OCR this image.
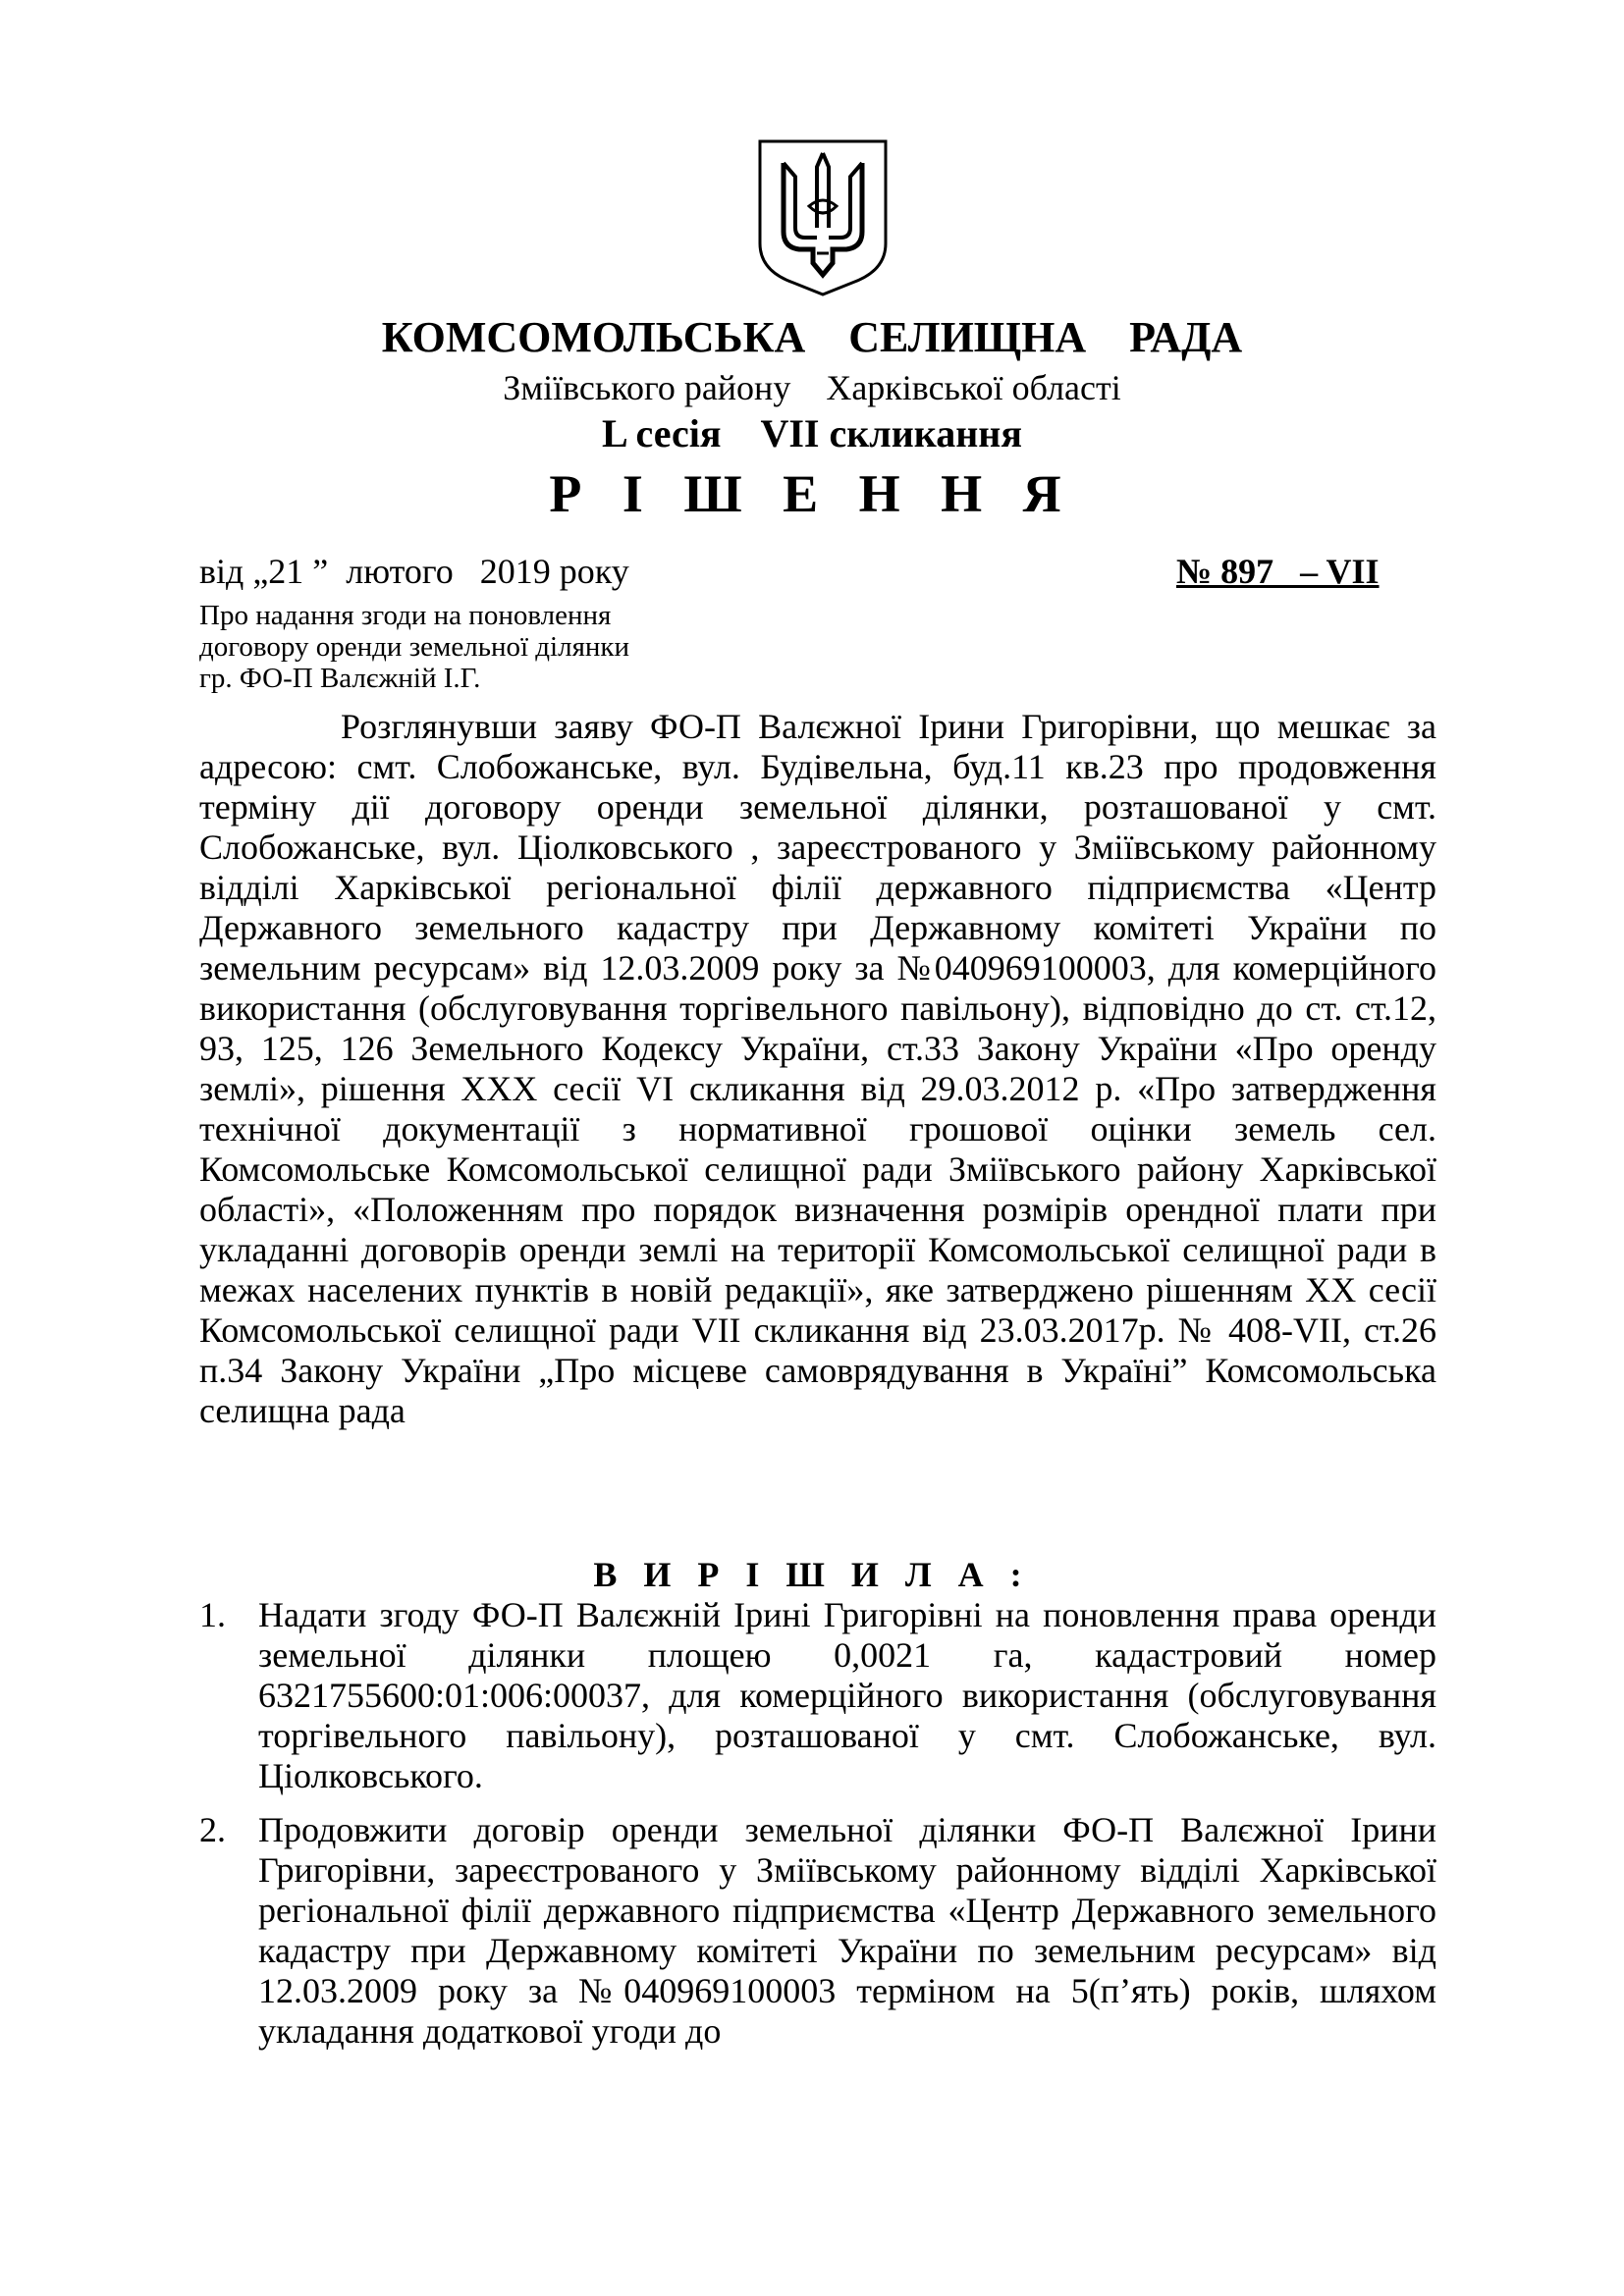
КОМСОМОЛЬСЬКА    СЕЛИЩНА    РАДА
Зміївського району    Харківської області
L сесія    VII скликання
Р І Ш Е Н Н Я
від „21 ”  лютого   2019 року	№ 897   – VII
Про надання згоди на поновлення
договору оренди земельної ділянки
гр. ФО-П Валєжній І.Г.
Розглянувши заяву ФО-П Валєжної Ірини Григорівни, що мешкає за адресою: смт. Слобожанське, вул. Будівельна, буд.11 кв.23 про продовження терміну дії договору оренди земельної ділянки, розташованої у смт. Слобожанське, вул. Ціолковського , зареєстрованого у Зміївському районному відділі Харківської регіональної філії державного підприємства «Центр Державного земельного кадастру при Державному комітеті України по земельним ресурсам» від 12.03.2009 року за №040969100003, для комерційного використання (обслуговування торгівельного павільону), відповідно до ст. ст.12, 93, 125, 126 Земельного Кодексу України, ст.33 Закону України «Про оренду землі», рішення ХХХ сесії VI скликання від 29.03.2012 р. «Про затвердження технічної документації з нормативної грошової оцінки земель сел. Комсомольське Комсомольської селищної ради Зміївського району Харківської області», «Положенням про порядок визначення розмірів орендної плати при укладанні договорів оренди землі на території Комсомольської селищної ради в межах населених пунктів в новій редакції», яке затверджено рішенням ХХ сесії Комсомольської селищної ради VII скликання від 23.03.2017р. № 408-VII, ст.26 п.34 Закону України „Про місцеве самоврядування в Україні” Комсомольська селищна рада
В И Р І Ш И Л А :
1. Надати згоду ФО-П Валєжній Ірині Григорівні на поновлення права оренди земельної ділянки площею 0,0021 га, кадастровий номер 6321755600:01:006:00037, для комерційного використання (обслуговування торгівельного павільону), розташованої у смт. Слобожанське, вул. Ціолковського.
2. Продовжити договір оренди земельної ділянки ФО-П Валєжної Ірини Григорівни, зареєстрованого у Зміївському районному відділі Харківської регіональної філії державного підприємства «Центр Державного земельного кадастру при Державному комітеті України по земельним ресурсам» від 12.03.2009 року за №040969100003 терміном на 5(п’ять) років, шляхом укладання додаткової угоди до
